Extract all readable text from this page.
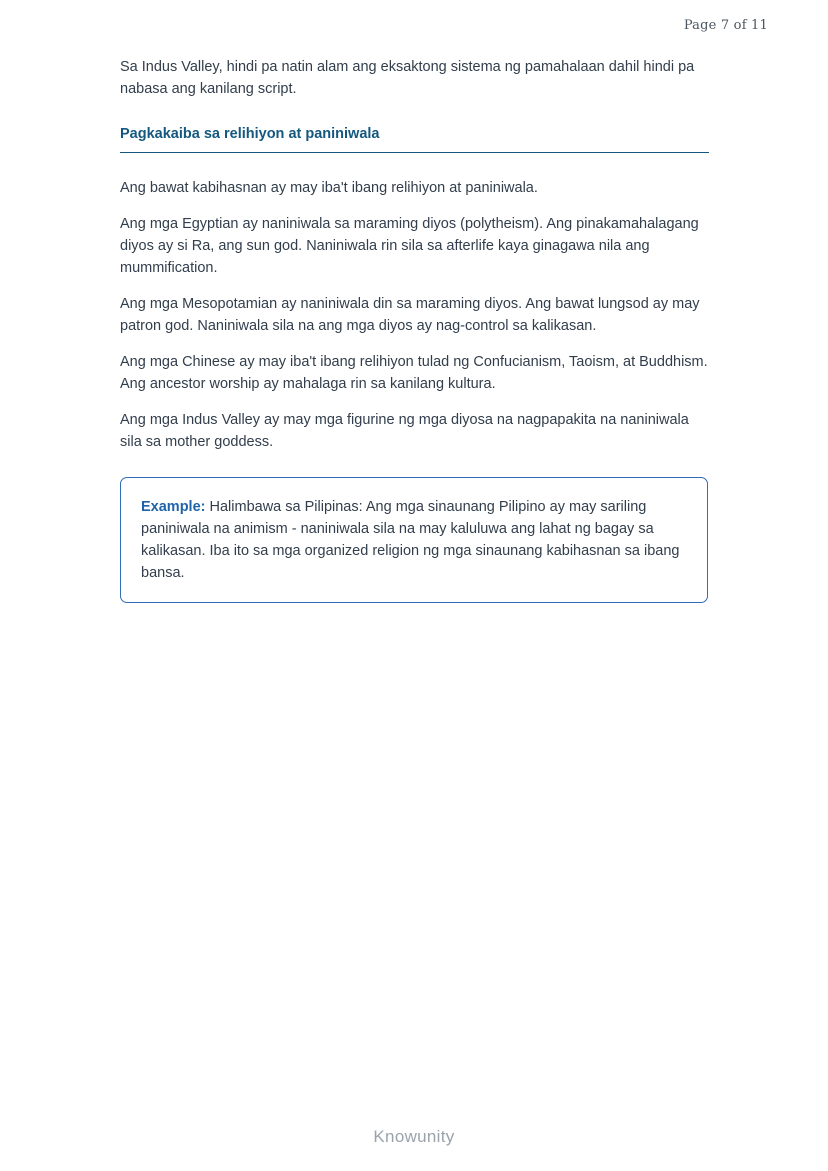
Page 7 of 11

Sa Indus Valley, hindi pa natin alam ang eksaktong sistema ng pamahalaan dahil hindi pa nabasa ang kanilang script.

Pagkakaiba sa relihiyon at paniniwala

Ang bawat kabihasnan ay may iba't ibang relihiyon at paniniwala.

Ang mga Egyptian ay naniniwala sa maraming diyos (polytheism). Ang pinakamahalagang diyos ay si Ra, ang sun god. Naniniwala rin sila sa afterlife kaya ginagawa nila ang mummification.

Ang mga Mesopotamian ay naniniwala din sa maraming diyos. Ang bawat lungsod ay may patron god. Naniniwala sila na ang mga diyos ay nag-control sa kalikasan.

Ang mga Chinese ay may iba't ibang relihiyon tulad ng Confucianism, Taoism, at Buddhism. Ang ancestor worship ay mahalaga rin sa kanilang kultura.

Ang mga Indus Valley ay may mga figurine ng mga diyosa na nagpapakita na naniniwala sila sa mother goddess.

Example: Halimbawa sa Pilipinas: Ang mga sinaunang Pilipino ay may sariling paniniwala na animism - naniniwala sila na may kaluluwa ang lahat ng bagay sa kalikasan. Iba ito sa mga organized religion ng mga sinaunang kabihasnan sa ibang bansa.
Knowunity
